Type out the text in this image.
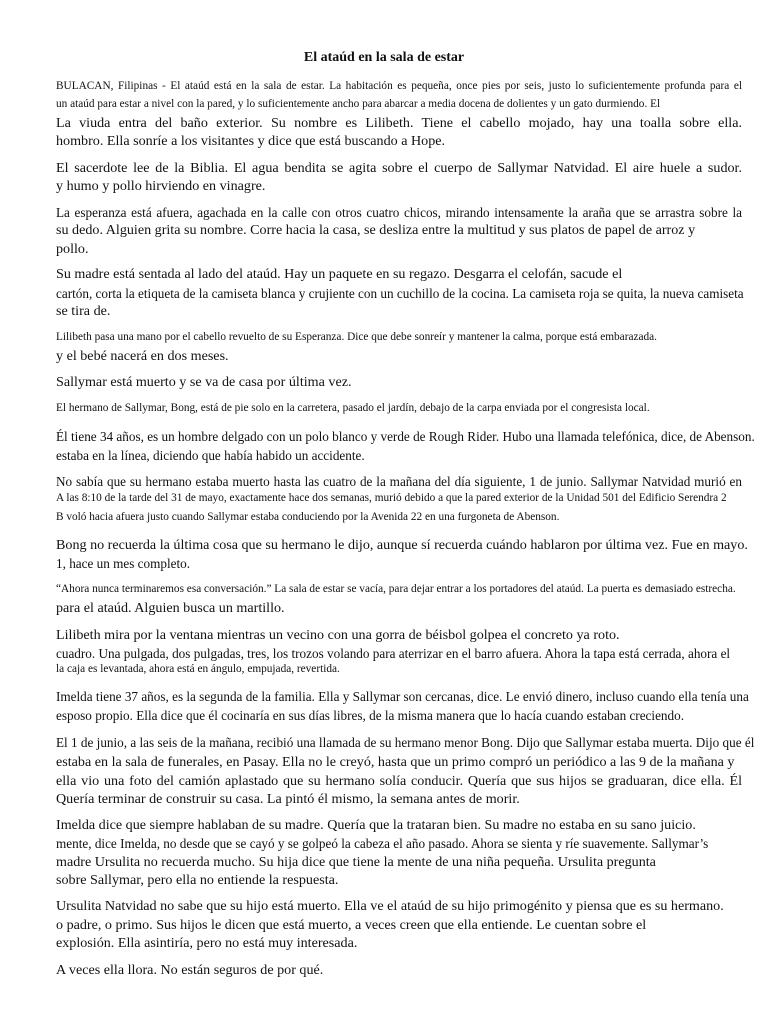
El ataúd en la sala de estar
BULACAN, Filipinas - El ataúd está en la sala de estar. La habitación es pequeña, once pies por seis, justo lo suficientemente profunda para el
un ataúd para estar a nivel con la pared, y lo suficientemente ancho para abarcar a media docena de dolientes y un gato durmiendo. El
La viuda entra del baño exterior. Su nombre es Lilibeth. Tiene el cabello mojado, hay una toalla sobre ella.
hombro. Ella sonríe a los visitantes y dice que está buscando a Hope.
El sacerdote lee de la Biblia. El agua bendita se agita sobre el cuerpo de Sallymar Natvidad. El aire huele a sudor.
y humo y pollo hirviendo en vinagre.
La esperanza está afuera, agachada en la calle con otros cuatro chicos, mirando intensamente la araña que se arrastra sobre la
su dedo. Alguien grita su nombre. Corre hacia la casa, se desliza entre la multitud y sus platos de papel de arroz y
pollo.
Su madre está sentada al lado del ataúd. Hay un paquete en su regazo. Desgarra el celofán, sacude el
cartón, corta la etiqueta de la camiseta blanca y crujiente con un cuchillo de la cocina. La camiseta roja se quita, la nueva camiseta
se tira de.
Lilibeth pasa una mano por el cabello revuelto de su Esperanza. Dice que debe sonreír y mantener la calma, porque está embarazada.
y el bebé nacerá en dos meses.
Sallymar está muerto y se va de casa por última vez.
El hermano de Sallymar, Bong, está de pie solo en la carretera, pasado el jardín, debajo de la carpa enviada por el congresista local.
Él tiene 34 años, es un hombre delgado con un polo blanco y verde de Rough Rider. Hubo una llamada telefónica, dice, de Abenson.
estaba en la línea, diciendo que había habido un accidente.
No sabía que su hermano estaba muerto hasta las cuatro de la mañana del día siguiente, 1 de junio. Sallymar Natvidad murió en
A las 8:10 de la tarde del 31 de mayo, exactamente hace dos semanas, murió debido a que la pared exterior de la Unidad 501 del Edificio Serendra 2
B voló hacia afuera justo cuando Sallymar estaba conduciendo por la Avenida 22 en una furgoneta de Abenson.
Bong no recuerda la última cosa que su hermano le dijo, aunque sí recuerda cuándo hablaron por última vez. Fue en mayo.
1, hace un mes completo.
“Ahora nunca terminaremos esa conversación.” La sala de estar se vacía, para dejar entrar a los portadores del ataúd. La puerta es demasiado estrecha.
para el ataúd. Alguien busca un martillo.
Lilibeth mira por la ventana mientras un vecino con una gorra de béisbol golpea el concreto ya roto.
cuadro. Una pulgada, dos pulgadas, tres, los trozos volando para aterrizar en el barro afuera. Ahora la tapa está cerrada, ahora el
la caja es levantada, ahora está en ángulo, empujada, revertida.
Imelda tiene 37 años, es la segunda de la familia. Ella y Sallymar son cercanas, dice. Le envió dinero, incluso cuando ella tenía una
esposo propio. Ella dice que él cocinaría en sus días libres, de la misma manera que lo hacía cuando estaban creciendo.
El 1 de junio, a las seis de la mañana, recibió una llamada de su hermano menor Bong. Dijo que Sallymar estaba muerta. Dijo que él
estaba en la sala de funerales, en Pasay. Ella no le creyó, hasta que un primo compró un periódico a las 9 de la mañana y
ella vio una foto del camión aplastado que su hermano solía conducir. Quería que sus hijos se graduaran, dice ella. Él
Quería terminar de construir su casa. La pintó él mismo, la semana antes de morir.
Imelda dice que siempre hablaban de su madre. Quería que la trataran bien. Su madre no estaba en su sano juicio.
mente, dice Imelda, no desde que se cayó y se golpeó la cabeza el año pasado. Ahora se sienta y ríe suavemente. Sallymar’s
madre Ursulita no recuerda mucho. Su hija dice que tiene la mente de una niña pequeña. Ursulita pregunta
sobre Sallymar, pero ella no entiende la respuesta.
Ursulita Natvidad no sabe que su hijo está muerto. Ella ve el ataúd de su hijo primogénito y piensa que es su hermano.
o padre, o primo. Sus hijos le dicen que está muerto, a veces creen que ella entiende. Le cuentan sobre el
explosión. Ella asintiría, pero no está muy interesada.
A veces ella llora. No están seguros de por qué.
